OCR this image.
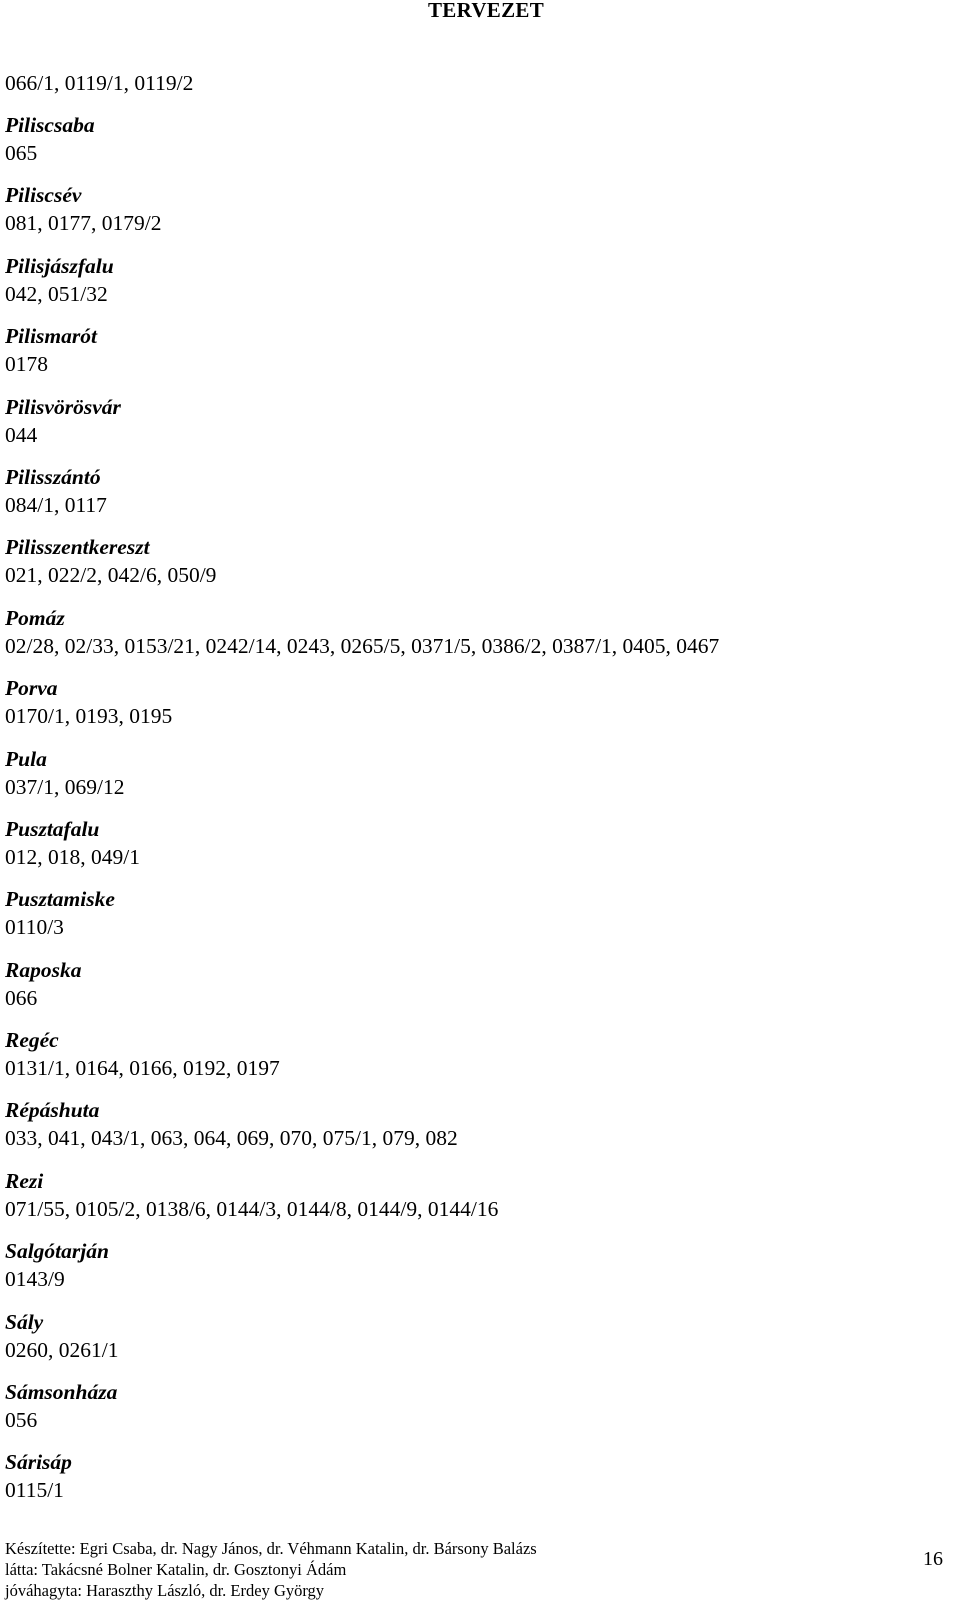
TERVEZET
066/1, 0119/1, 0119/2
Piliscsaba
065
Piliscsév
081, 0177, 0179/2
Pilisjászfalu
042, 051/32
Pilismarót
0178
Pilisvörösvár
044
Pilisszántó
084/1, 0117
Pilisszentkereszt
021, 022/2, 042/6, 050/9
Pomáz
02/28, 02/33, 0153/21, 0242/14, 0243, 0265/5, 0371/5, 0386/2, 0387/1, 0405, 0467
Porva
0170/1, 0193, 0195
Pula
037/1, 069/12
Pusztafalu
012, 018, 049/1
Pusztamiske
0110/3
Raposka
066
Regéc
0131/1, 0164, 0166, 0192, 0197
Répáshuta
033, 041, 043/1, 063, 064, 069, 070, 075/1, 079, 082
Rezi
071/55, 0105/2, 0138/6, 0144/3, 0144/8, 0144/9, 0144/16
Salgótarján
0143/9
Sály
0260, 0261/1
Sámsonháza
056
Sárisáp
0115/1
Készítette: Egri Csaba, dr. Nagy János, dr. Véhmann Katalin, dr. Bársony Balázs
látta: Takácsné Bolner Katalin, dr. Gosztonyi Ádám
jóváhagyta: Haraszthy László, dr. Erdey György
16
